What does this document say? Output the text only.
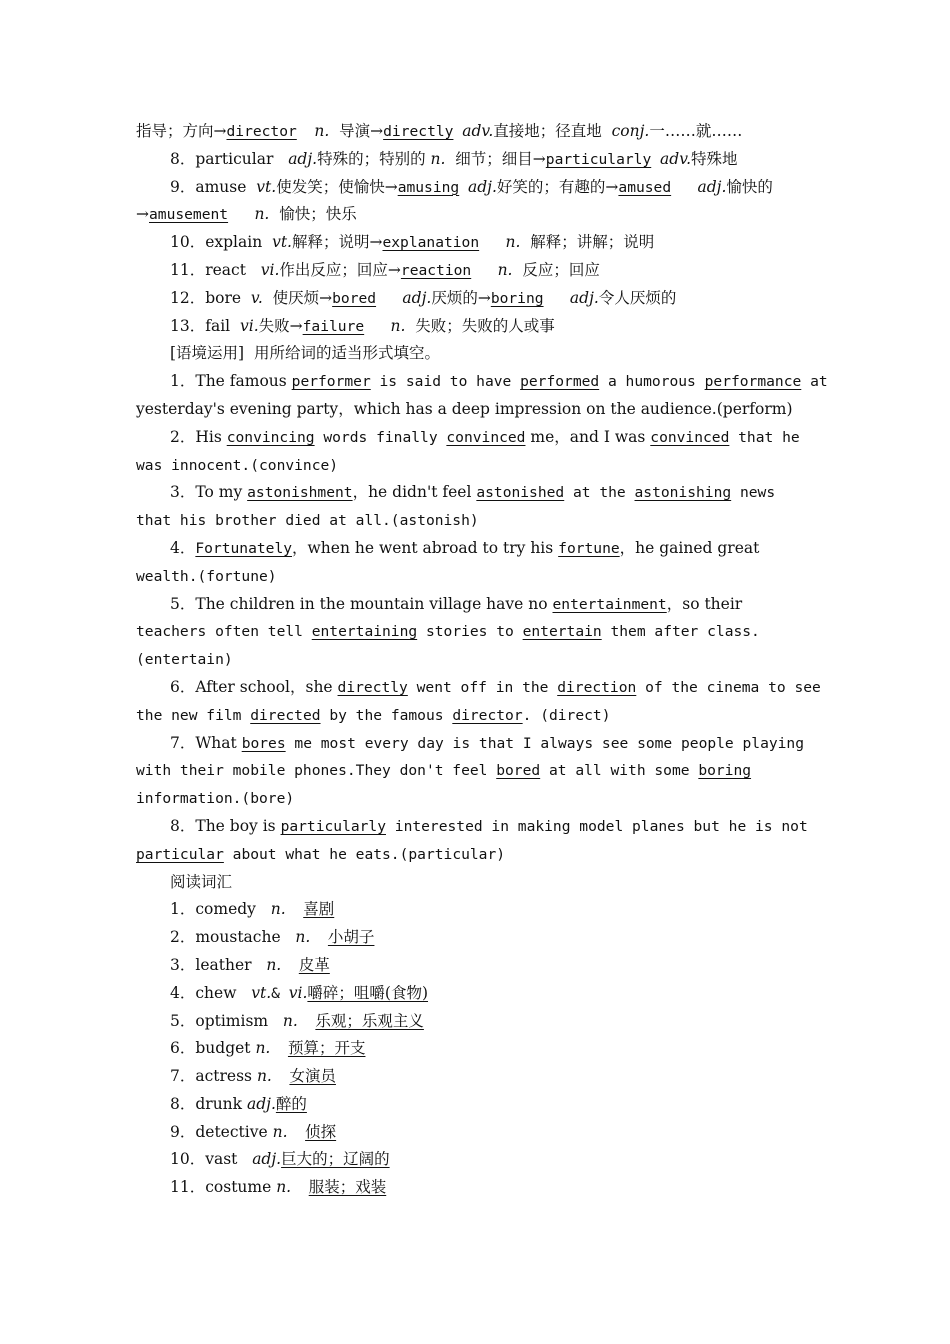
指导；方向→director n.  导演→directly adv.直接地；径直地  conj.一……就……
8．particular   adj.特殊的；特别的 n.  细节；细目→particularly adv.特殊地
9．amuse  vt.使发笑；使愉快→amusing adj.好笑的；有趣的→amused adj.愉快的
→amusement n.  愉快；快乐
10．explain  vt.解释；说明→explanation n.  解释；讲解；说明
11．react   vi.作出反应；回应→reaction n.  反应；回应
12．bore  v.  使厌烦→bored adj.厌烦的→boring adj.令人厌烦的
13．fail  vi.失败→failure n.  失败；失败的人或事
[语境运用]  用所给词的适当形式填空。
1．The famous performer is said to have performed a humorous performance at
yesterday's evening party，which has a deep impression on the audience.(perform)
2．His convincing words finally convinced me，and I was convinced that he
was innocent.(convince)
3．To my astonishment，he didn't feel astonished at the astonishing news
that his brother died at all.(astonish)
4．Fortunately，when he went abroad to try his fortune，he gained great
wealth.(fortune)
5．The children in the mountain village have no entertainment，so their
teachers often tell entertaining stories to entertain them after class.
(entertain)
6．After school，she directly went off in the direction of the cinema to see
the new film directed by the famous director. (direct)
7．What bores me most every day is that I always see some people playing
with their mobile phones.They don't feel bored at all with some boring
information.(bore)
8．The boy is particularly interested in making model planes but he is not
particular about what he eats.(particular)
阅读词汇
1．comedy   n. 喜剧
2．moustache   n. 小胡子
3．leather   n. 皮革
4．chew   vt.& vi.嚼碎；咀嚼(食物)
5．optimism   n. 乐观；乐观主义
6．budget n. 预算；开支
7．actress n. 女演员
8．drunk adj.醉的
9．detective n. 侦探
10．vast   adj.巨大的；辽阔的
11．costume n. 服装；戏装
